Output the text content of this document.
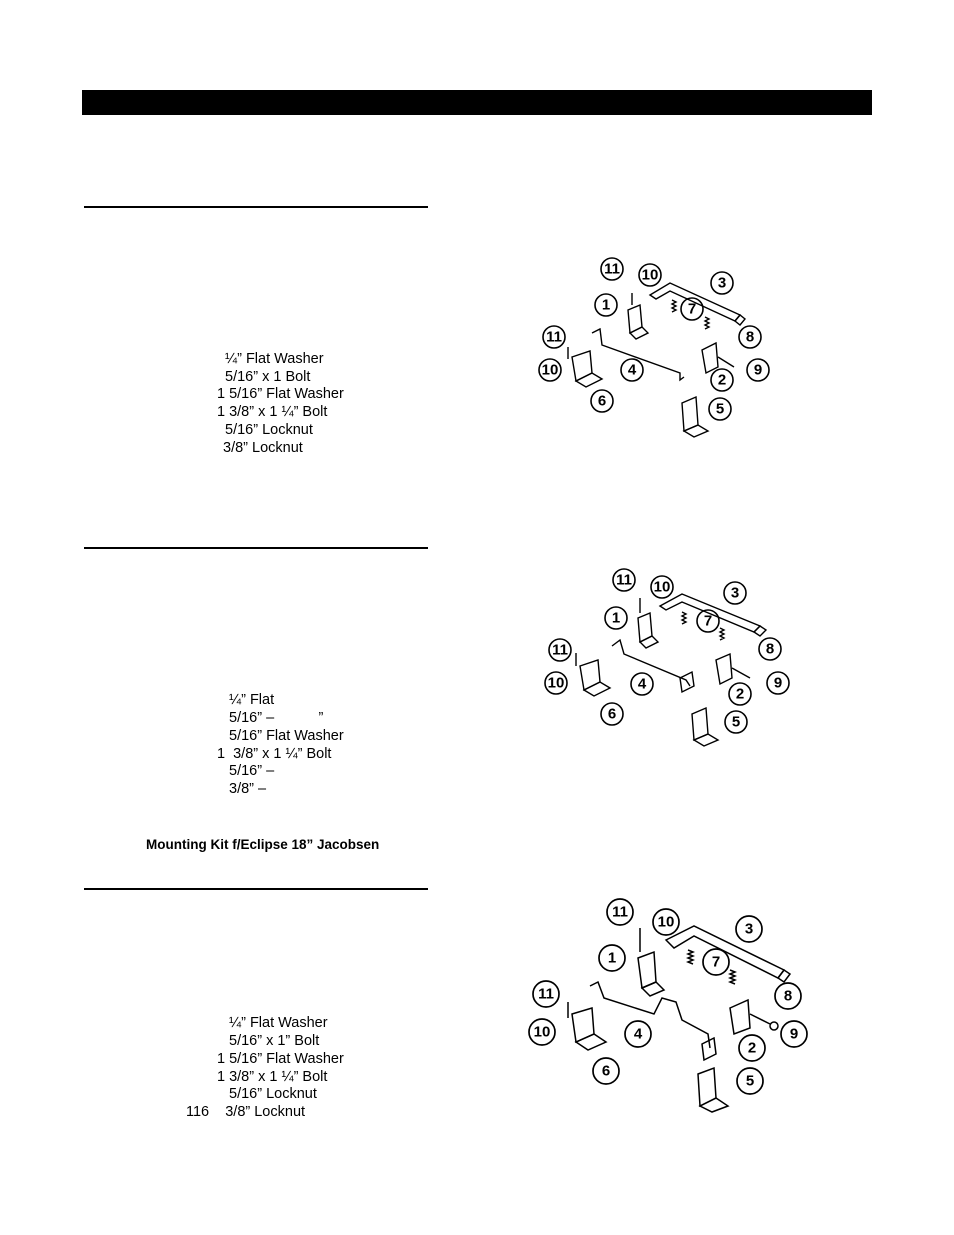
¼” Flat Washer
5/16” x 1 Bolt
1 5/16” Flat Washer
1 3/8” x 1 ¼” Bolt
5/16” Locknut
3/8” Locknut
11 10	3
1	7
8
11
10	4
2
9
6	5
¼” Flat
5/16” –           ”
5/16” Flat Washer
1  3/8” x 1 ¼” Bolt
5/16” –
3/8” –
Mounting Kit f/Eclipse 18” Jacobsen
11 10	3
1	7
8
11
10	4
2
9
6	5
¼” Flat Washer
5/16” x 1” Bolt
1 5/16” Flat Washer
1 3/8” x 1 ¼” Bolt
5/16” Locknut
116    3/8” Locknut
11
10	3
1	7
8
11
10	4
2
9
6
5
